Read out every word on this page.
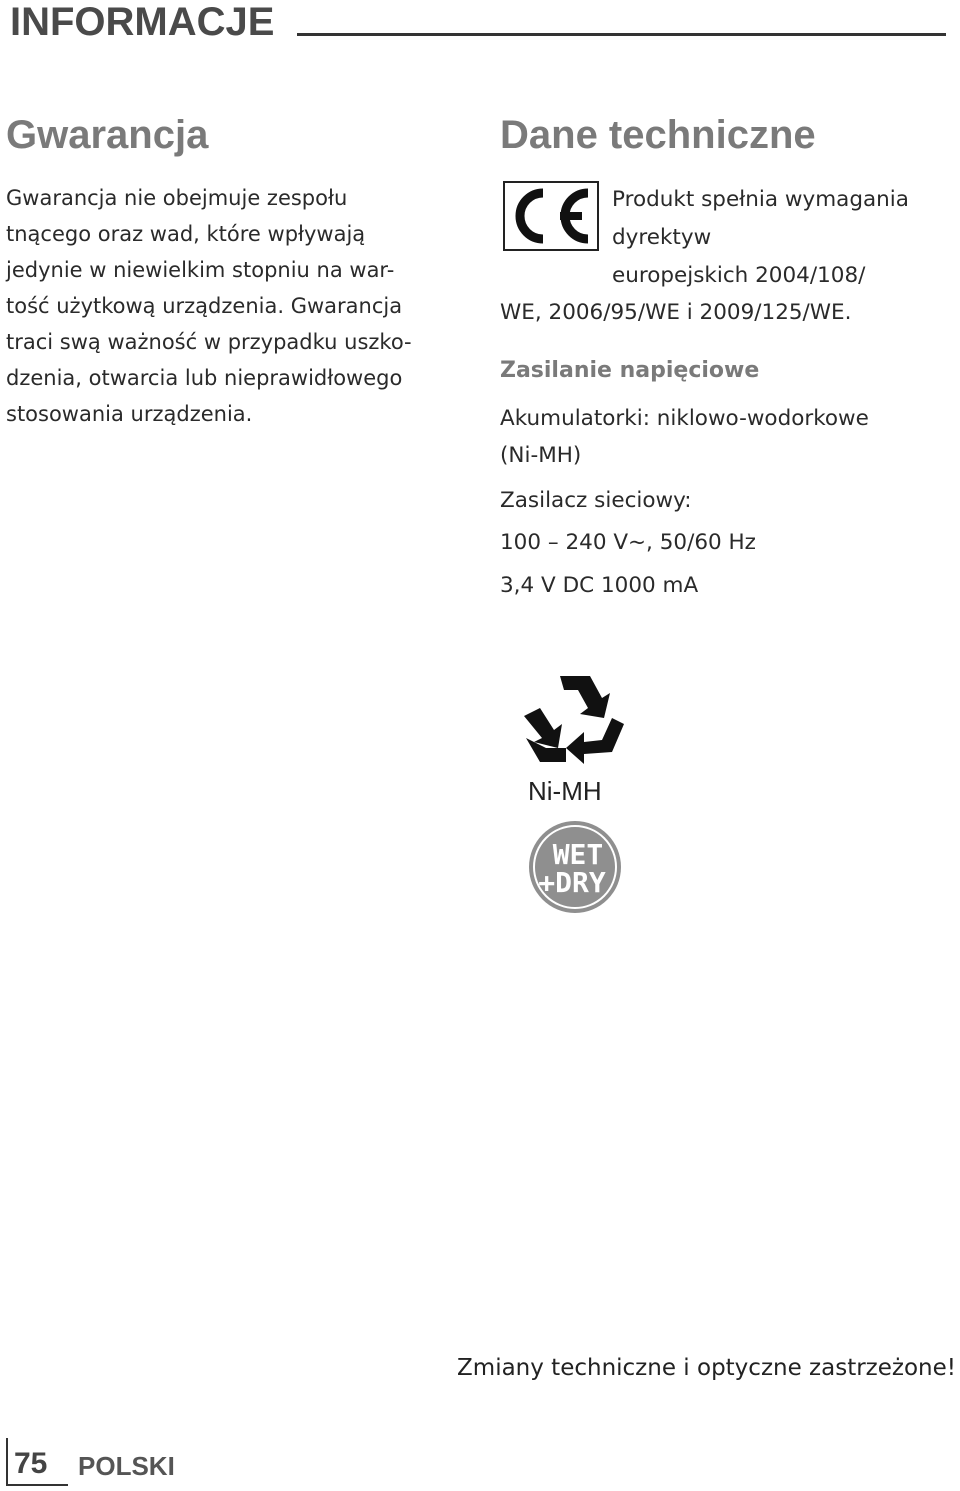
INFORMACJE
Gwarancja
Gwarancja nie obejmuje zespołu
tnącego oraz wad, które wpływają
jedynie w niewielkim stopniu na war-
tość użytkową urządzenia. Gwarancja
traci swą ważność w przypadku uszko-
dzenia, otwarcia lub nieprawidłowego
stosowania urządzenia.
Dane techniczne
Produkt spełnia wymagania
dyrektyw
europejskich 2004/108/
WE, 2006/95/WE i 2009/125/WE.
Zasilanie napięciowe
Akumulatorki: niklowo-wodorkowe
(Ni-MH)
Zasilacz sieciowy:
100 – 240 V~, 50/60 Hz
3,4 V DC 1000 mA
Ni-MH
WET
+DRY
Zmiany techniczne i optyczne zastrzeżone!
75 POLSKI
